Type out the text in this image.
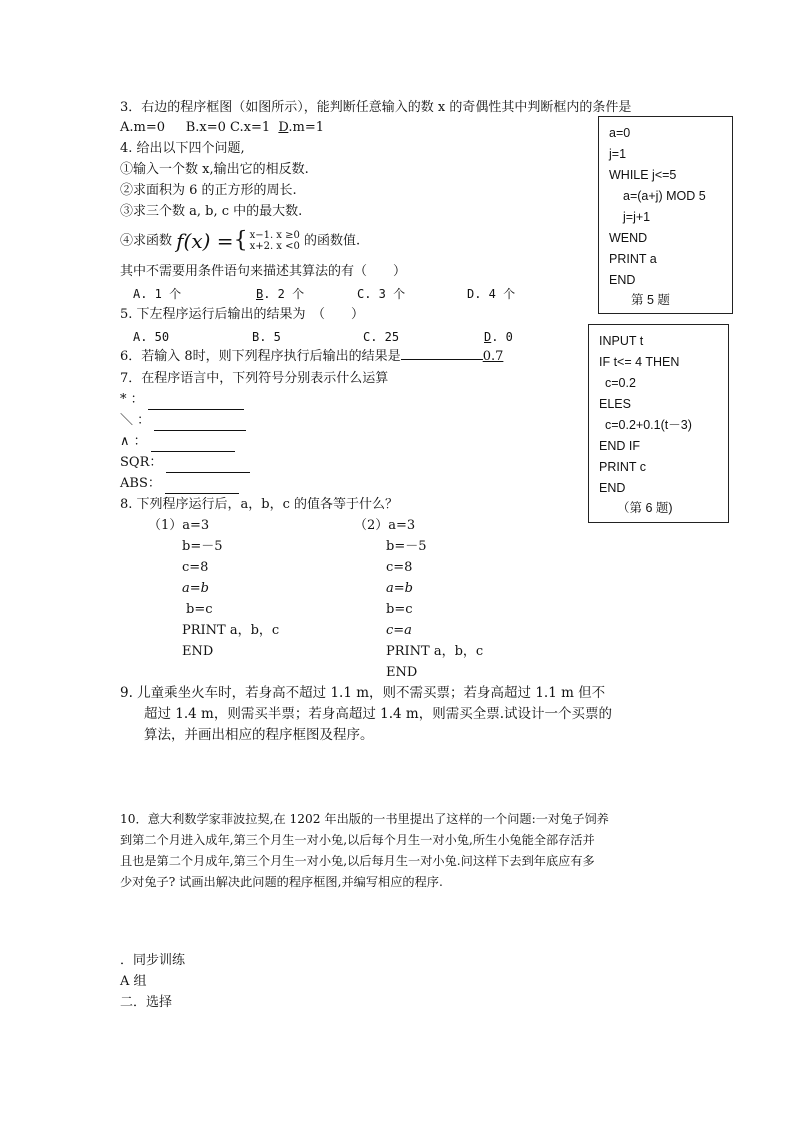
3．右边的程序框图（如图所示），能判断任意输入的数 x 的奇偶性其中判断框内的条件是
A.m=0 B.x=0 C.x=1 D.m=1	a=0
j=1
WHILE j<=5
a=(a+j) MOD 5
j=j+1
WEND
PRINT a
END
第 5 题
4. 给出以下四个问题,
①输入一个数 x,输出它的相反数.
②求面积为 6 的正方形的周长.
③求三个数 a, b, c 中的最大数.
④求函数 f(x) ={ x−1. x ≥0
x+2. x <0 的函数值.
其中不需要用条件语句来描述其算法的有（　　）
A. 1 个	B. 2 个	C. 3 个	D. 4 个
5. 下左程序运行后输出的结果为　（　　）
A. 50	B. 5	C. 25	D. 0	INPUT t
IF t<= 4 THEN
c=0.2
ELES
c=0.2+0.1(t－3)
END IF
PRINT c
END
（第 6 题)
6．若输入 8时，则下列程序执行后输出的结果是	0.7
7．在程序语言中，下列符号分别表示什么运算
* ：
＼ ：
∧ ：
SQR：
ABS：
8. 下列程序运行后，a，b，c 的值各等于什么？
（1）a=3
b=－5
c=8
a=b
b=c
PRINT a，b，c
END
（2）a=3
b=－5
c=8
a=b
b=c
c=a
PRINT a，b，c
END
9. 儿童乘坐火车时，若身高不超过 1.1 m，则不需买票；若身高超过 1.1 m 但不
超过 1.4 m，则需买半票；若身高超过 1.4 m，则需买全票.试设计一个买票的
算法，并画出相应的程序框图及程序。
10．意大利数学家菲波拉契,在 1202 年出版的一书里提出了这样的一个问题:一对兔子饲养
到第二个月进入成年,第三个月生一对小兔,以后每个月生一对小兔,所生小兔能全部存活并
且也是第二个月成年,第三个月生一对小兔,以后每月生一对小兔.问这样下去到年底应有多
少对兔子? 试画出解决此问题的程序框图,并编写相应的程序.
．同步训练
A 组
二．选择
